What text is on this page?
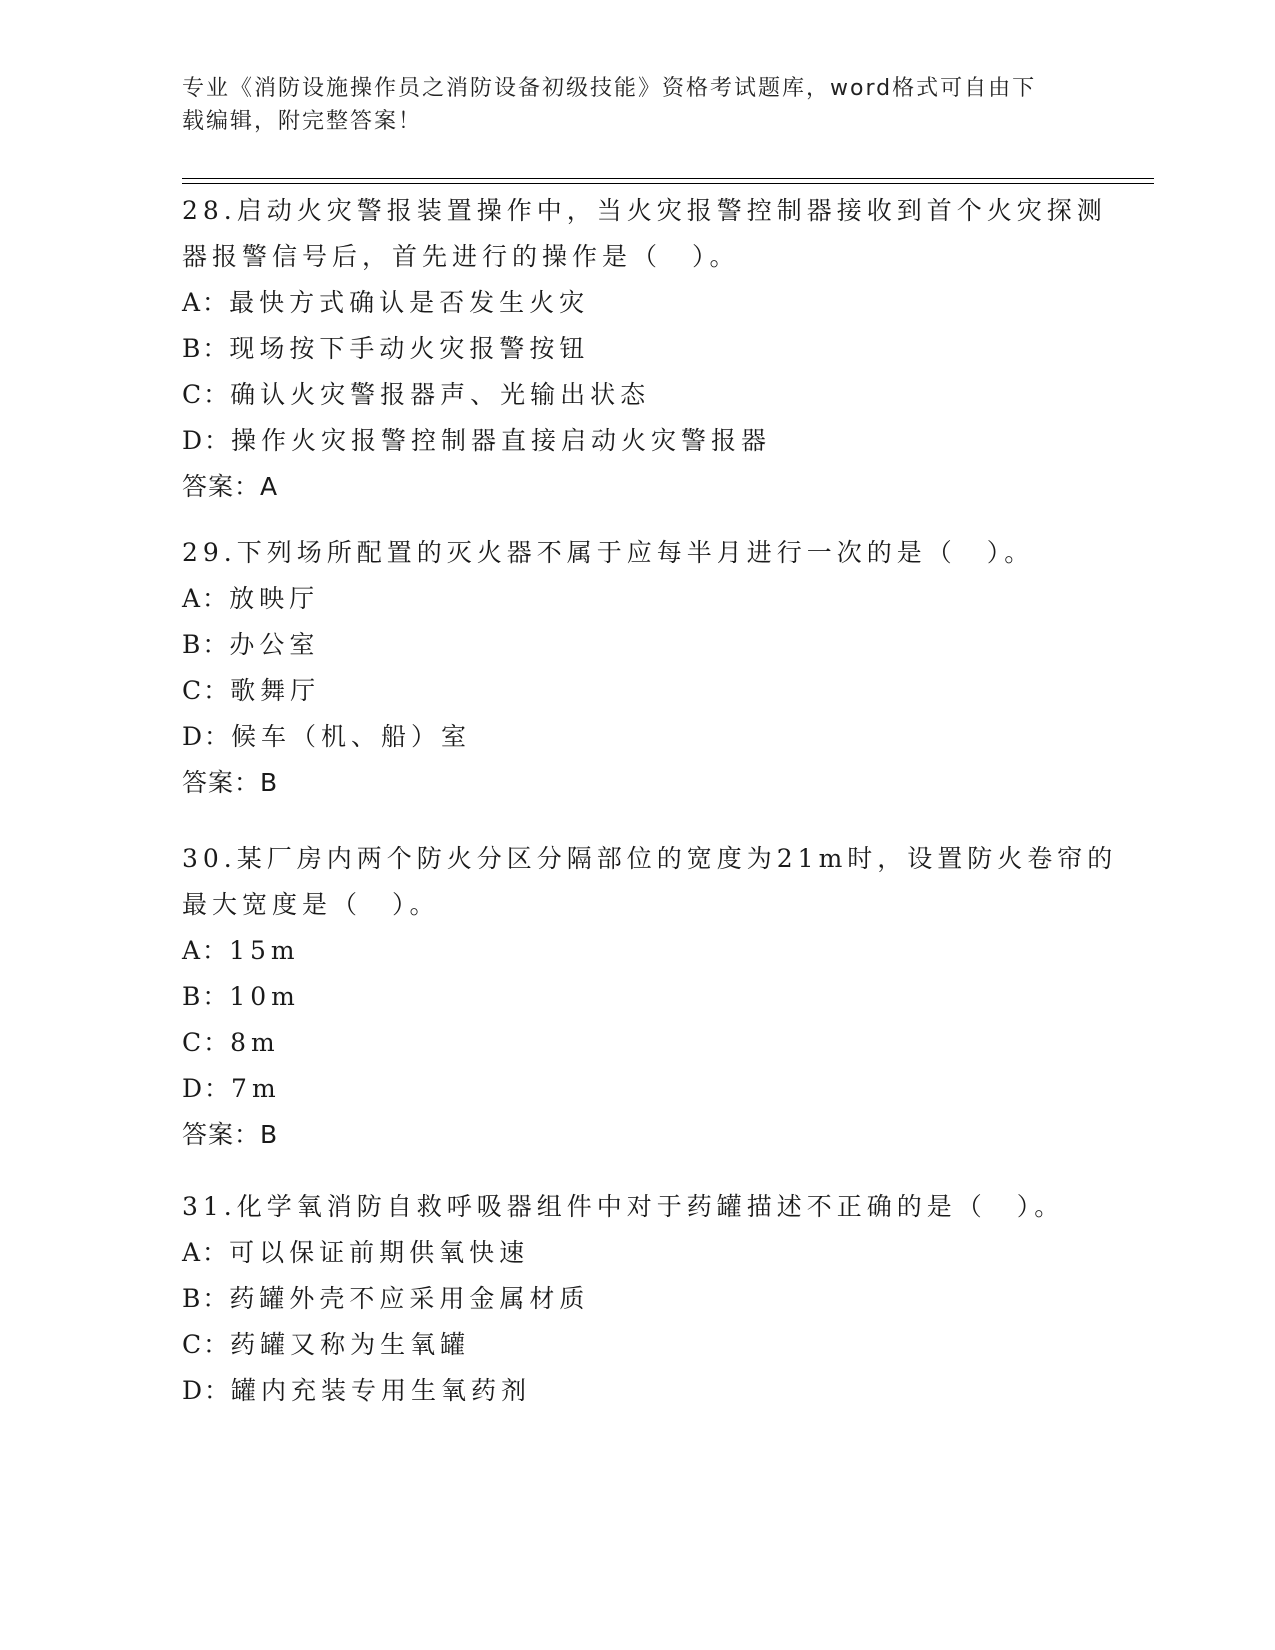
专业《消防设施操作员之消防设备初级技能》资格考试题库，word格式可自由下
载编辑，附完整答案！
28.启动火灾警报装置操作中，当火灾报警控制器接收到首个火灾探测
器报警信号后，首先进行的操作是（　）。
A：最快方式确认是否发生火灾
B：现场按下手动火灾报警按钮
C：确认火灾警报器声、光输出状态
D：操作火灾报警控制器直接启动火灾警报器
答案：A
29.下列场所配置的灭火器不属于应每半月进行一次的是（　）。
A：放映厅
B：办公室
C：歌舞厅
D：候车（机、船）室
答案：B
30.某厂房内两个防火分区分隔部位的宽度为21m时，设置防火卷帘的
最大宽度是（　）。
A：15m
B：10m
C：8m
D：7m
答案：B
31.化学氧消防自救呼吸器组件中对于药罐描述不正确的是（　）。
A：可以保证前期供氧快速
B：药罐外壳不应采用金属材质
C：药罐又称为生氧罐
D：罐内充装专用生氧药剂
